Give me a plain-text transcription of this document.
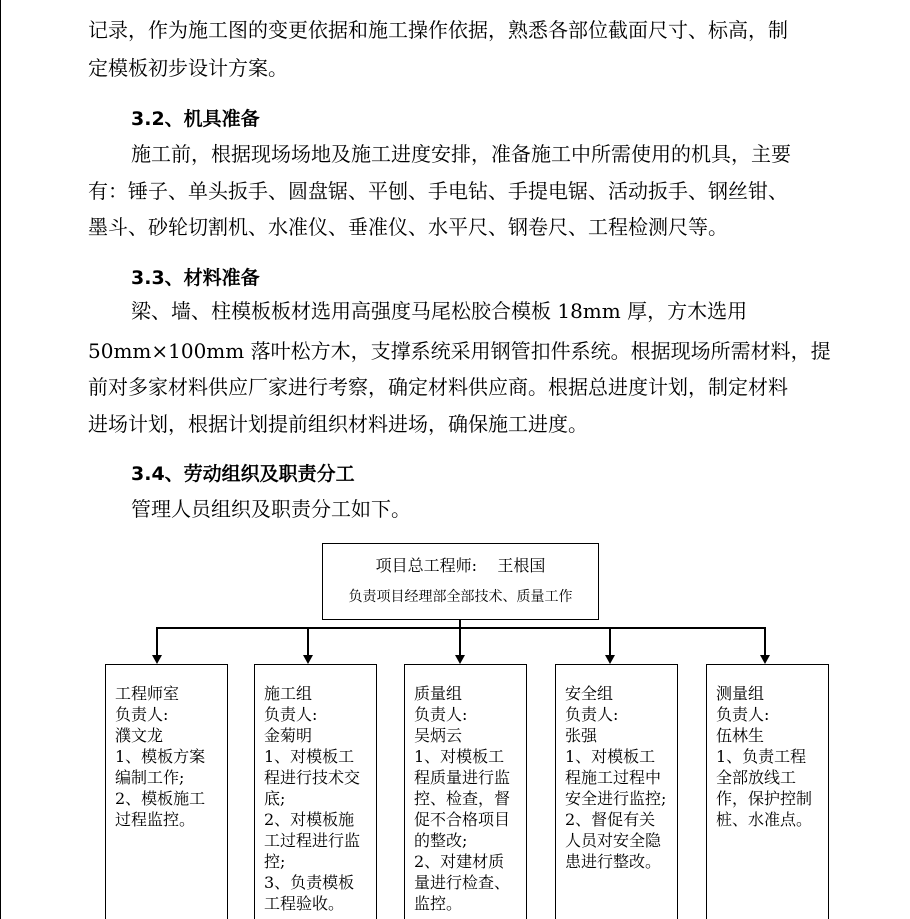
记录，作为施工图的变更依据和施工操作依据，熟悉各部位截面尺寸、标高，制
定模板初步设计方案。
3.2、机具准备
施工前，根据现场场地及施工进度安排，准备施工中所需使用的机具，主要
有：锤子、单头扳手、圆盘锯、平刨、手电钻、手提电锯、活动扳手、钢丝钳、
墨斗、砂轮切割机、水准仪、垂准仪、水平尺、钢卷尺、工程检测尺等。
3.3、材料准备
梁、墙、柱模板板材选用高强度马尾松胶合模板 18mm 厚，方木选用
50mm×100mm 落叶松方木，支撑系统采用钢管扣件系统。根据现场所需材料，提
前对多家材料供应厂家进行考察，确定材料供应商。根据总进度计划，制定材料
进场计划，根据计划提前组织材料进场，确保施工进度。
3.4、劳动组织及职责分工
管理人员组织及职责分工如下。
项目总工程师:    王根国
负责项目经理部全部技术、质量工作
工程师室
负责人:
濮文龙
1、模板方案编制工作;
2、模板施工过程监控。
施工组
负责人:
金菊明
1、对模板工程进行技术交底;
2、对模板施工过程进行监控;
3、负责模板工程验收。
质量组
负责人:
吴炳云
1、对模板工程质量进行监控、检查，督促不合格项目的整改;
2、对建材质量进行检查、监控。
安全组
负责人:
张强
1、对模板工程施工过程中安全进行监控;
2、督促有关人员对安全隐患进行整改。
测量组
负责人:
伍林生
1、负责工程全部放线工作，保护控制桩、水准点。
